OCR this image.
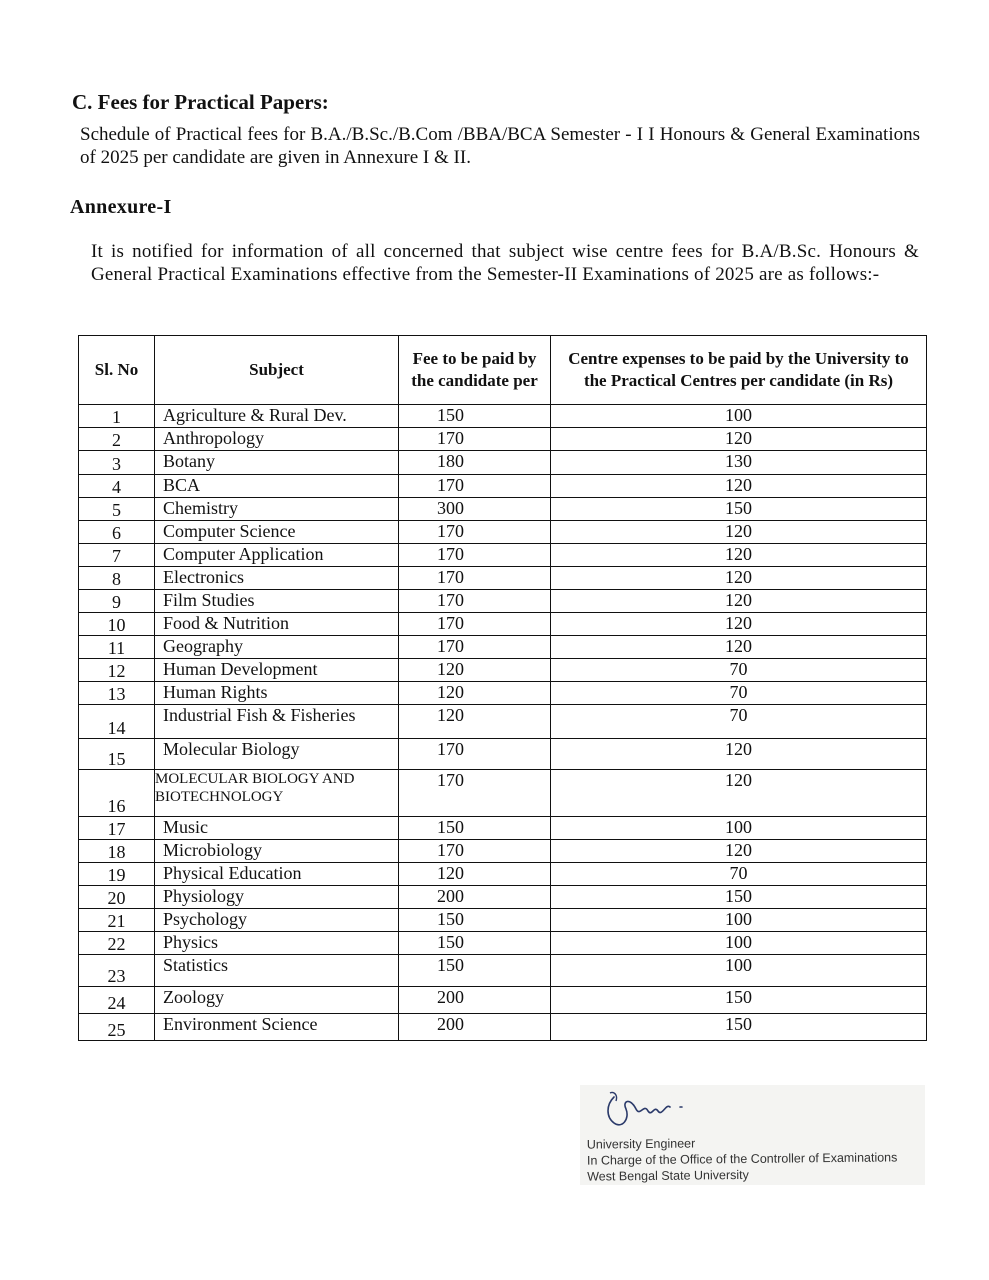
C. Fees for Practical Papers:

Schedule of Practical fees for B.A./B.Sc./B.Com /BBA/BCA Semester - I I Honours & General Examinations of 2025 per candidate are given in Annexure I & II.

Annexure-I

It is notified for information of all concerned that subject wise centre fees for B.A/B.Sc. Honours & General Practical Examinations effective from the Semester-II Examinations of 2025 are as follows:-

Sl. No	Subject	Fee to be paid by the candidate per	Centre expenses to be paid by the University to the Practical Centres per candidate (in Rs)
1	Agriculture & Rural Dev.	150	100
2	Anthropology	170	120
3	Botany	180	130
4	BCA	170	120
5	Chemistry	300	150
6	Computer Science	170	120
7	Computer Application	170	120
8	Electronics	170	120
9	Film Studies	170	120
10	Food & Nutrition	170	120
11	Geography	170	120
12	Human Development	120	70
13	Human Rights	120	70
14	Industrial Fish & Fisheries	120	70
15	Molecular Biology	170	120
16	MOLECULAR BIOLOGY AND BIOTECHNOLOGY	170	120
17	Music	150	100
18	Microbiology	170	120
19	Physical Education	120	70
20	Physiology	200	150
21	Psychology	150	100
22	Physics	150	100
23	Statistics	150	100
24	Zoology	200	150
25	Environment Science	200	150
University Engineer
In Charge of the Office of the Controller of Examinations
West Bengal State University
